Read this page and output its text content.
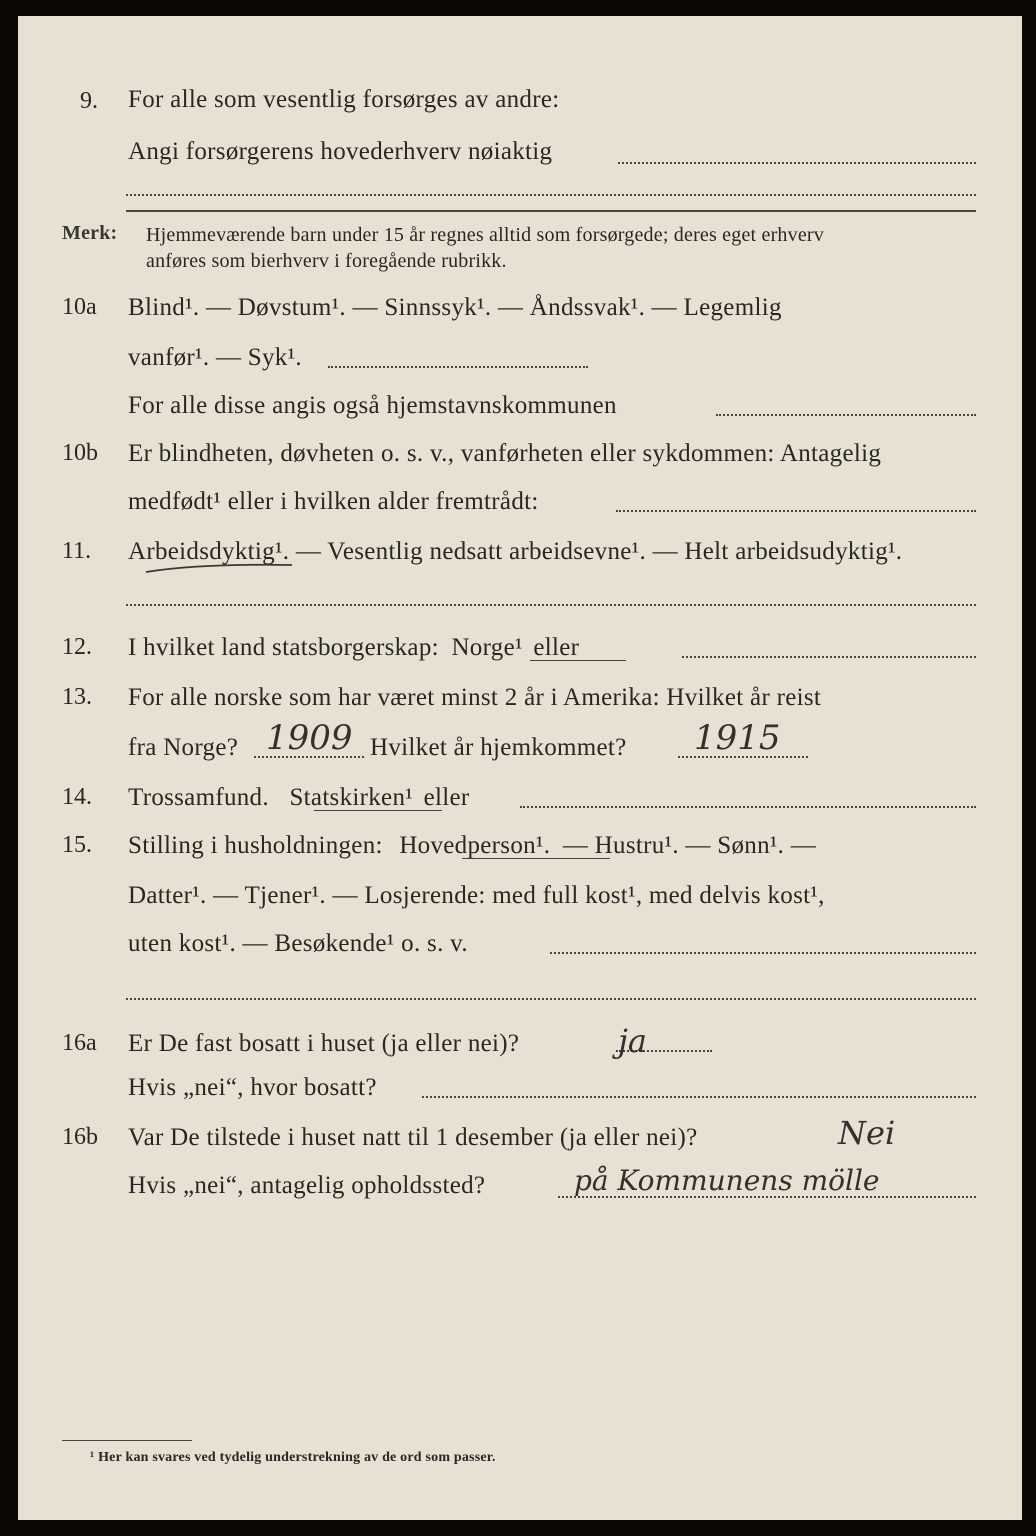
9. For alle som vesentlig forsørges av andre:
Angi forsørgerens hovederhverv nøiaktig
Merk: Hjemmeværende barn under 15 år regnes alltid som forsørgede; deres eget erhverv
anføres som bierhverv i foregående rubrikk.
10a Blind¹. — Døvstum¹. — Sinnssyk¹. — Åndssvak¹. — Legemlig
vanfør¹. — Syk¹.
For alle disse angis også hjemstavnskommunen
10b Er blindheten, døvheten o. s. v., vanførheten eller sykdommen: Antagelig
medfødt¹ eller i hvilken alder fremtrådt:
11. Arbeidsdyktig¹. — Vesentlig nedsatt arbeidsevne¹. — Helt arbeidsudyktig¹.
12. I hvilket land statsborgerskap: Norge¹ eller
13. For alle norske som har været minst 2 år i Amerika: Hvilket år reist
fra Norge? 1909 Hvilket år hjemkommet? 1915
14. Trossamfund. Statskirken¹ eller
15. Stilling i husholdningen: Hovedperson¹. — Hustru¹. — Sønn¹. —
Datter¹. — Tjener¹. — Losjerende: med full kost¹, med delvis kost¹,
uten kost¹. — Besøkende¹ o. s. v.
16a Er De fast bosatt i huset (ja eller nei)?	ja
Hvis „nei“, hvor bosatt?
16b Var De tilstede i huset natt til 1 desember (ja eller nei)?	Nei
Hvis „nei“, antagelig opholdssted?	på Kommunens mölle
¹ Her kan svares ved tydelig understrekning av de ord som passer.
